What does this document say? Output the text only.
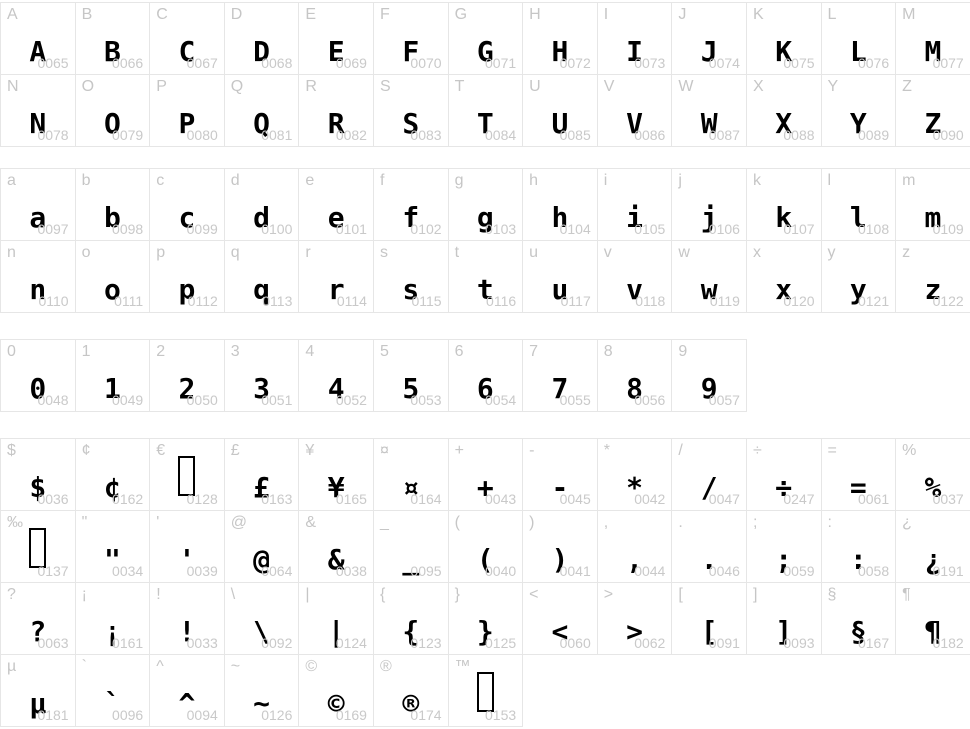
A
A
0065
B
B
0066
C
C
0067
D
D
0068
E
E
0069
F
F
0070
G
G
0071
H
H
0072
I
I
0073
J
J
0074
K
K
0075
L
L
0076
M
M
0077
N
N
0078
O
O
0079
P
P
0080
Q
Q
0081
R
R
0082
S
S
0083
T
T
0084
U
U
0085
V
V
0086
W
W
0087
X
X
0088
Y
Y
0089
Z
Z
0090
a
a
0097
b
b
0098
c
c
0099
d
d
0100
e
e
0101
f
f
0102
g
g
0103
h
h
0104
i
i
0105
j
j
0106
k
k
0107
l
l
0108
m
m
0109
n
n
0110
o
o
0111
p
p
0112
q
q
0113
r
r
0114
s
s
0115
t
t
0116
u
u
0117
v
v
0118
w
w
0119
x
x
0120
y
y
0121
z
z
0122
0
0
0048
1
1
0049
2
2
0050
3
3
0051
4
4
0052
5
5
0053
6
6
0054
7
7
0055
8
8
0056
9
9
0057
$
$
0036
¢
¢
0162
€
0128
£
£
0163
¥
¥
0165
¤
¤
0164
+
+
0043
-
-
0045
*
*
0042
/
/
0047
÷
÷
0247
=
=
0061
%
%
0037
‰
0137
"
"
0034
'
'
0039
@
@
0064
&
&
0038
_
_
0095
(
(
0040
)
)
0041
,
,
0044
.
.
0046
;
;
0059
:
:
0058
¿
¿
0191
?
?
0063
¡
¡
0161
!
!
0033
\
\
0092
|
|
0124
{
{
0123
}
}
0125
<
<
0060
>
>
0062
[
[
0091
]
]
0093
§
§
0167
¶
¶
0182
µ
µ
0181
`
`
0096
^
^
0094
~
~
0126
©
©
0169
®
®
0174
™
0153
